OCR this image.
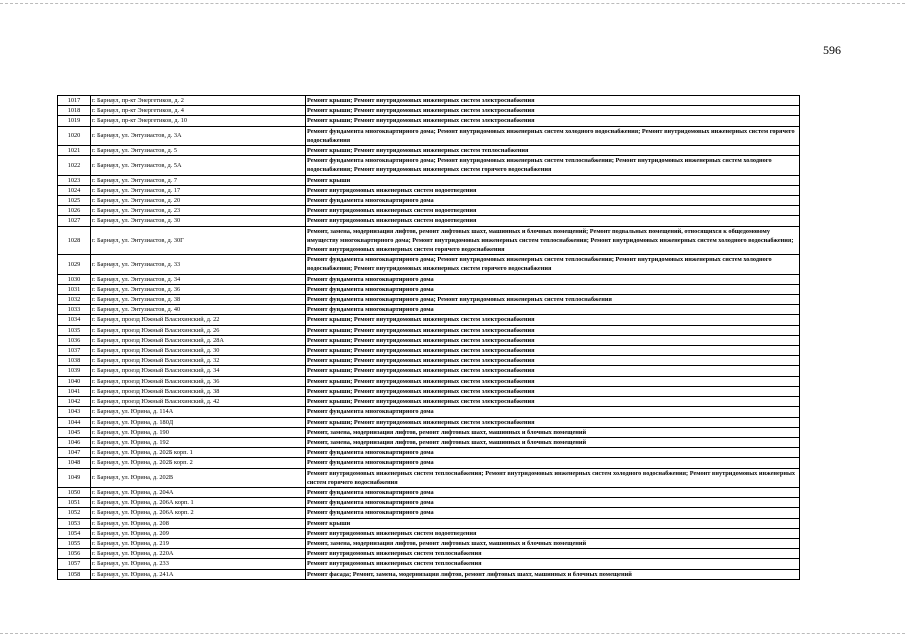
596
1017	г. Барнаул, пр-кт Энергетиков, д. 2	Ремонт крыши; Ремонт внутридомовых инженерных систем электроснабжения
1018	г. Барнаул, пр-кт Энергетиков, д. 4	Ремонт крыши; Ремонт внутридомовых инженерных систем электроснабжения
1019	г. Барнаул, пр-кт Энергетиков, д. 10	Ремонт крыши; Ремонт внутридомовых инженерных систем электроснабжения
1020	г. Барнаул, ул. Энтузиастов, д. 3А	Ремонт фундамента многоквартирного дома; Ремонт внутридомовых инженерных систем холодного водоснабжения; Ремонт внутридомовых инженерных систем горячего водоснабжения
1021	г. Барнаул, ул. Энтузиастов, д. 5	Ремонт крыши; Ремонт внутридомовых инженерных систем теплоснабжения
1022	г. Барнаул, ул. Энтузиастов, д. 5А	Ремонт фундамента многоквартирного дома; Ремонт внутридомовых инженерных систем теплоснабжения; Ремонт внутридомовых инженерных систем холодного водоснабжения; Ремонт внутридомовых инженерных систем горячего водоснабжения
1023	г. Барнаул, ул. Энтузиастов, д. 7	Ремонт крыши
1024	г. Барнаул, ул. Энтузиастов, д. 17	Ремонт внутридомовых инженерных систем водоотведения
1025	г. Барнаул, ул. Энтузиастов, д. 20	Ремонт фундамента многоквартирного дома
1026	г. Барнаул, ул. Энтузиастов, д. 23	Ремонт внутридомовых инженерных систем водоотведения
1027	г. Барнаул, ул. Энтузиастов, д. 30	Ремонт внутридомовых инженерных систем водоотведения
1028	г. Барнаул, ул. Энтузиастов, д. 30Г	Ремонт, замена, модернизация лифтов, ремонт лифтовых шахт, машинных и блочных помещений; Ремонт подвальных помещений, относящихся к общедомовому имуществу многоквартирного дома; Ремонт внутридомовых инженерных систем теплоснабжения; Ремонт внутридомовых инженерных систем холодного водоснабжения; Ремонт внутридомовых инженерных систем горячего водоснабжения
1029	г. Барнаул, ул. Энтузиастов, д. 33	Ремонт фундамента многоквартирного дома; Ремонт внутридомовых инженерных систем теплоснабжения; Ремонт внутридомовых инженерных систем холодного водоснабжения; Ремонт внутридомовых инженерных систем горячего водоснабжения
1030	г. Барнаул, ул. Энтузиастов, д. 34	Ремонт фундамента многоквартирного дома
1031	г. Барнаул, ул. Энтузиастов, д. 36	Ремонт фундамента многоквартирного дома
1032	г. Барнаул, ул. Энтузиастов, д. 38	Ремонт фундамента многоквартирного дома; Ремонт внутридомовых инженерных систем теплоснабжения
1033	г. Барнаул, ул. Энтузиастов, д. 40	Ремонт фундамента многоквартирного дома
1034	г. Барнаул, проезд Южный Власихинский, д. 22	Ремонт крыши; Ремонт внутридомовых инженерных систем электроснабжения
1035	г. Барнаул, проезд Южный Власихинский, д. 26	Ремонт крыши; Ремонт внутридомовых инженерных систем электроснабжения
1036	г. Барнаул, проезд Южный Власихинский, д. 28А	Ремонт крыши; Ремонт внутридомовых инженерных систем электроснабжения
1037	г. Барнаул, проезд Южный Власихинский, д. 30	Ремонт крыши; Ремонт внутридомовых инженерных систем электроснабжения
1038	г. Барнаул, проезд Южный Власихинский, д. 32	Ремонт крыши; Ремонт внутридомовых инженерных систем электроснабжения
1039	г. Барнаул, проезд Южный Власихинский, д. 34	Ремонт крыши; Ремонт внутридомовых инженерных систем электроснабжения
1040	г. Барнаул, проезд Южный Власихинский, д. 36	Ремонт крыши; Ремонт внутридомовых инженерных систем электроснабжения
1041	г. Барнаул, проезд Южный Власихинский, д. 38	Ремонт крыши; Ремонт внутридомовых инженерных систем электроснабжения
1042	г. Барнаул, проезд Южный Власихинский, д. 42	Ремонт крыши; Ремонт внутридомовых инженерных систем электроснабжения
1043	г. Барнаул, ул. Юрина, д. 114А	Ремонт фундамента многоквартирного дома
1044	г. Барнаул, ул. Юрина, д. 180Д	Ремонт крыши; Ремонт внутридомовых инженерных систем электроснабжения
1045	г. Барнаул, ул. Юрина, д. 190	Ремонт, замена, модернизация лифтов, ремонт лифтовых шахт, машинных и блочных помещений
1046	г. Барнаул, ул. Юрина, д. 192	Ремонт, замена, модернизация лифтов, ремонт лифтовых шахт, машинных и блочных помещений
1047	г. Барнаул, ул. Юрина, д. 202Б корп. 1	Ремонт фундамента многоквартирного дома
1048	г. Барнаул, ул. Юрина, д. 202Б корп. 2	Ремонт фундамента многоквартирного дома
1049	г. Барнаул, ул. Юрина, д. 202В	Ремонт внутридомовых инженерных систем теплоснабжения; Ремонт внутридомовых инженерных систем холодного водоснабжения; Ремонт внутридомовых инженерных систем горячего водоснабжения
1050	г. Барнаул, ул. Юрина, д. 204А	Ремонт фундамента многоквартирного дома
1051	г. Барнаул, ул. Юрина, д. 206А корп. 1	Ремонт фундамента многоквартирного дома
1052	г. Барнаул, ул. Юрина, д. 206А корп. 2	Ремонт фундамента многоквартирного дома
1053	г. Барнаул, ул. Юрина, д. 208	Ремонт крыши
1054	г. Барнаул, ул. Юрина, д. 209	Ремонт внутридомовых инженерных систем водоотведения
1055	г. Барнаул, ул. Юрина, д. 219	Ремонт, замена, модернизация лифтов, ремонт лифтовых шахт, машинных и блочных помещений
1056	г. Барнаул, ул. Юрина, д. 220А	Ремонт внутридомовых инженерных систем теплоснабжения
1057	г. Барнаул, ул. Юрина, д. 233	Ремонт внутридомовых инженерных систем теплоснабжения
1058	г. Барнаул, ул. Юрина, д. 241А	Ремонт фасада; Ремонт, замена, модернизация лифтов, ремонт лифтовых шахт, машинных и блочных помещений
